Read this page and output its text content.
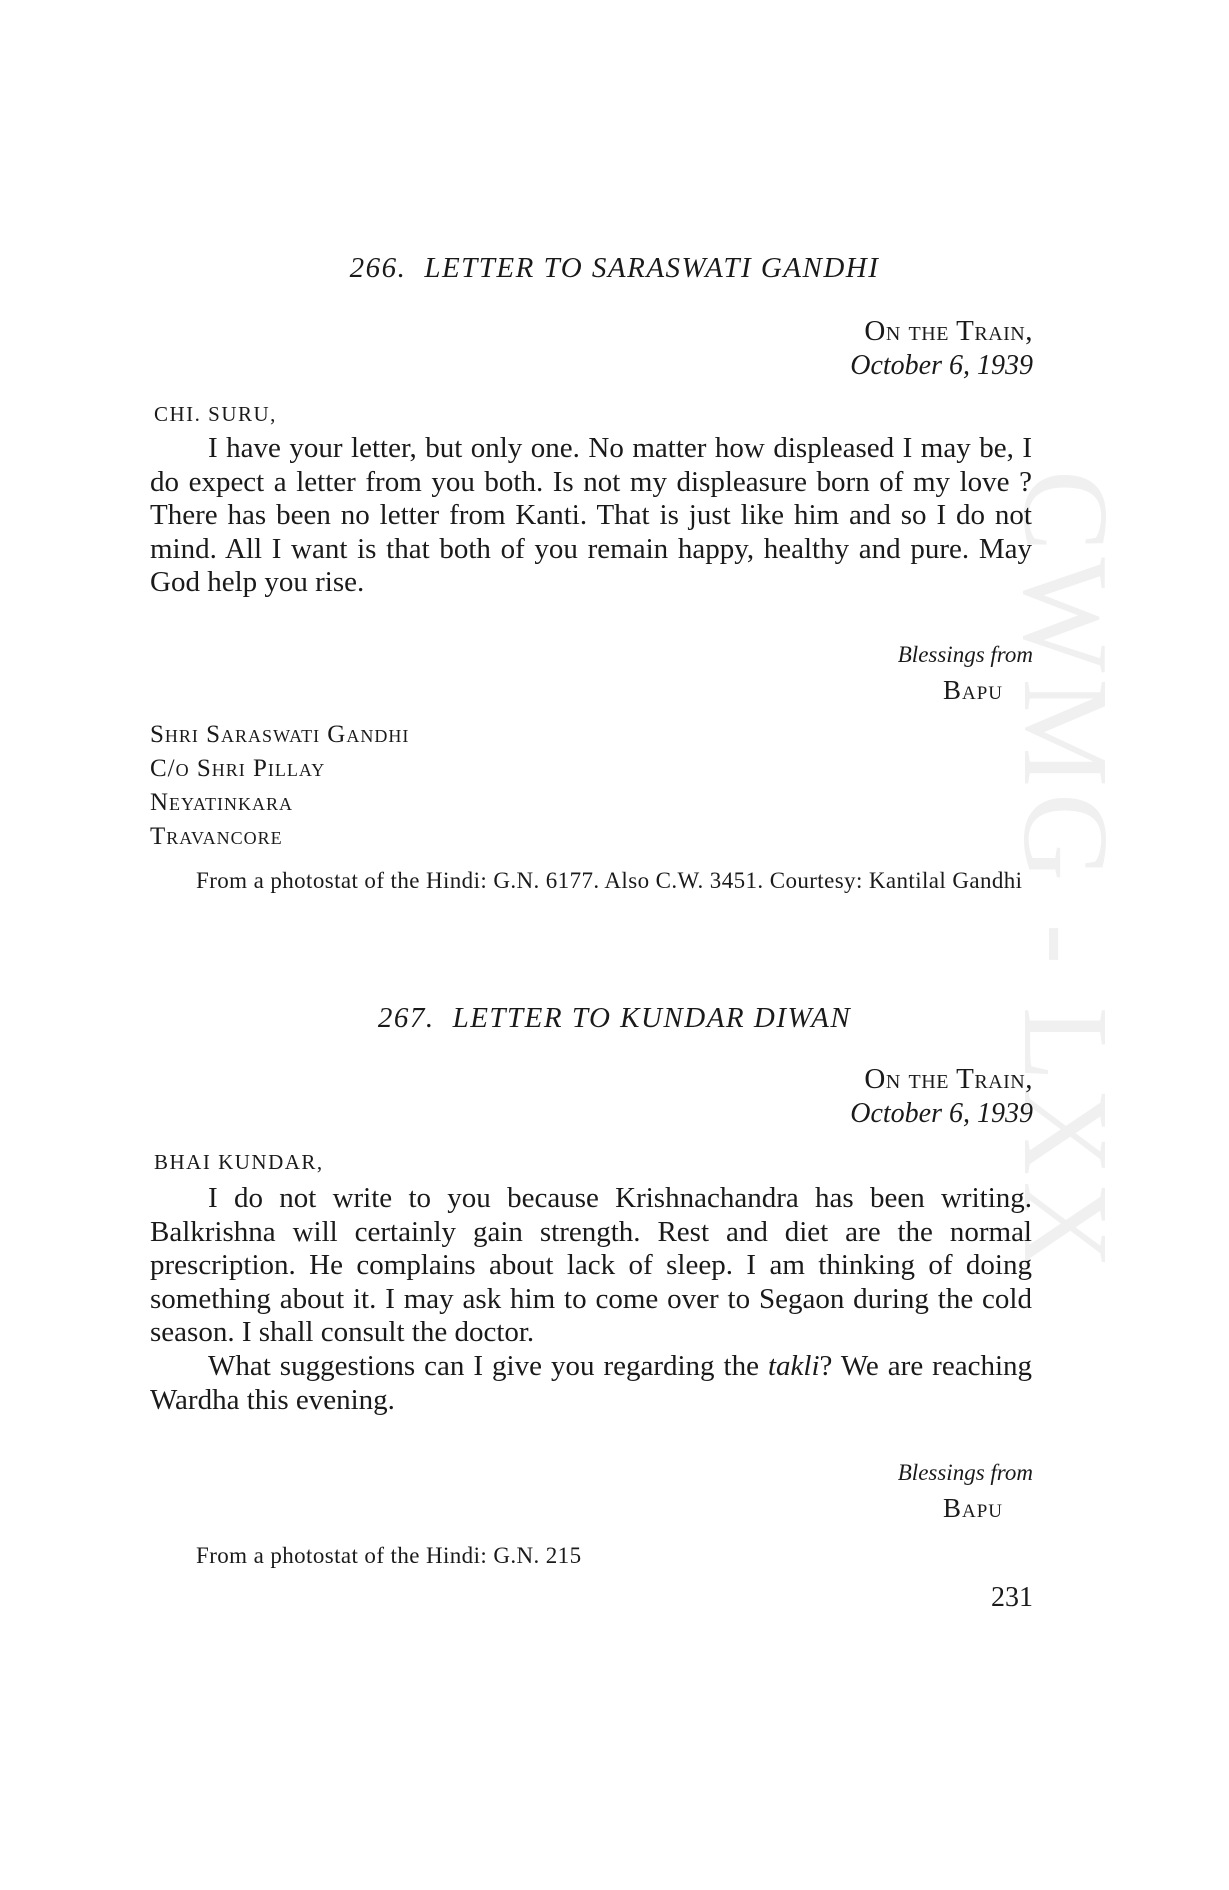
CWMG - LXX
266. LETTER TO SARASWATI GANDHI
On the Train,
October 6, 1939
CHI. SURU,

I have your letter, but only one. No matter how displeased I may be, I do expect a letter from you both. Is not my displeasure born of my love ? There has been no letter from Kanti. That is just like him and so I do not mind. All I want is that both of you remain happy, healthy and pure. May God help you rise.

Blessings from
Bapu
Shri Saraswati Gandhi
C/o Shri Pillay
Neyatinkara
Travancore
From a photostat of the Hindi: G.N. 6177. Also C.W. 3451. Courtesy: Kantilal Gandhi
267. LETTER TO KUNDAR DIWAN
On the Train,
October 6, 1939
BHAI KUNDAR,

I do not write to you because Krishnachandra has been writing. Balkrishna will certainly gain strength. Rest and diet are the normal prescription. He complains about lack of sleep. I am thinking of doing something about it. I may ask him to come over to Segaon during the cold season. I shall consult the doctor.

What suggestions can I give you regarding the takli? We are reaching Wardha this evening.

Blessings from
Bapu
From a photostat of the Hindi: G.N. 215
231
